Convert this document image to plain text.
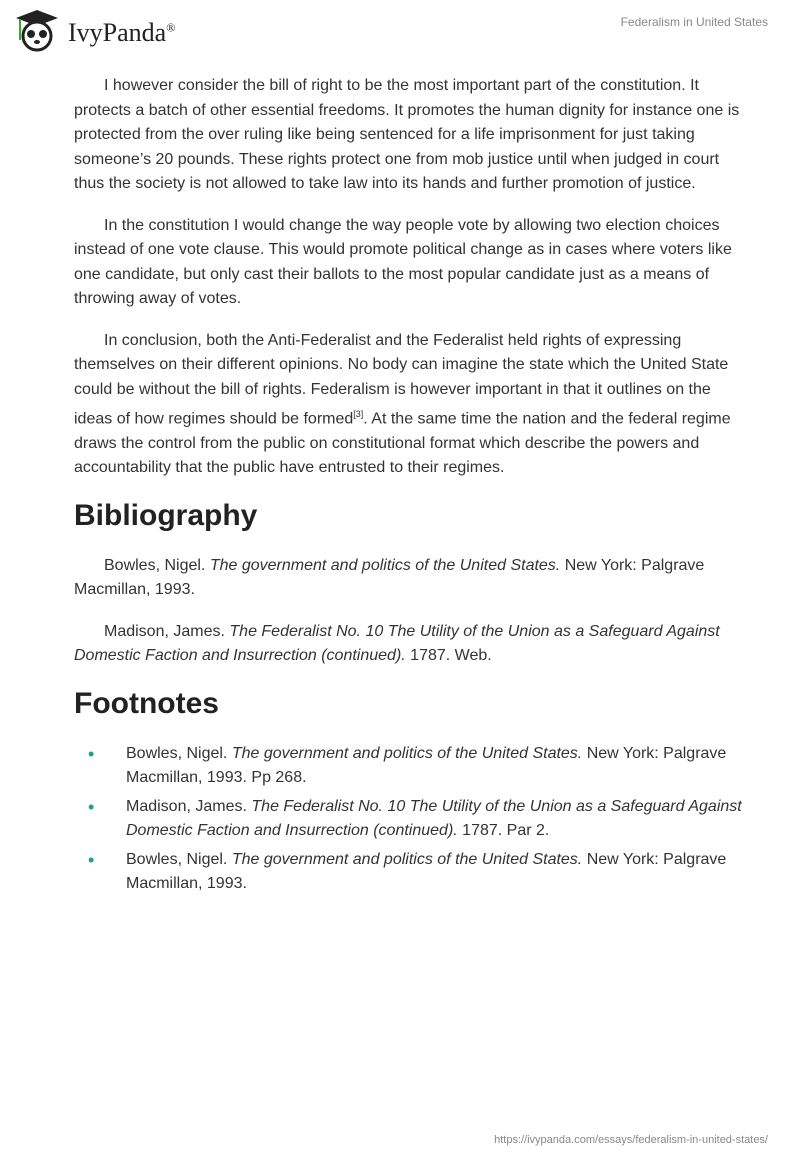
IvyPanda®	Federalism in United States

I however consider the bill of right to be the most important part of the constitution. It protects a batch of other essential freedoms. It promotes the human dignity for instance one is protected from the over ruling like being sentenced for a life imprisonment for just taking someone’s 20 pounds. These rights protect one from mob justice until when judged in court thus the society is not allowed to take law into its hands and further promotion of justice.

In the constitution I would change the way people vote by allowing two election choices instead of one vote clause. This would promote political change as in cases where voters like one candidate, but only cast their ballots to the most popular candidate just as a means of throwing away of votes.

In conclusion, both the Anti-Federalist and the Federalist held rights of expressing themselves on their different opinions. No body can imagine the state which the United State could be without the bill of rights. Federalism is however important in that it outlines on the ideas of how regimes should be formed[3]. At the same time the nation and the federal regime draws the control from the public on constitutional format which describe the powers and accountability that the public have entrusted to their regimes.

Bibliography

Bowles, Nigel. The government and politics of the United States. New York: Palgrave Macmillan, 1993.

Madison, James. The Federalist No. 10 The Utility of the Union as a Safeguard Against Domestic Faction and Insurrection (continued). 1787. Web.

Footnotes
• Bowles, Nigel. The government and politics of the United States. New York: Palgrave Macmillan, 1993. Pp 268.
• Madison, James. The Federalist No. 10 The Utility of the Union as a Safeguard Against Domestic Faction and Insurrection (continued). 1787. Par 2.
• Bowles, Nigel. The government and politics of the United States. New York: Palgrave Macmillan, 1993.
https://ivypanda.com/essays/federalism-in-united-states/
